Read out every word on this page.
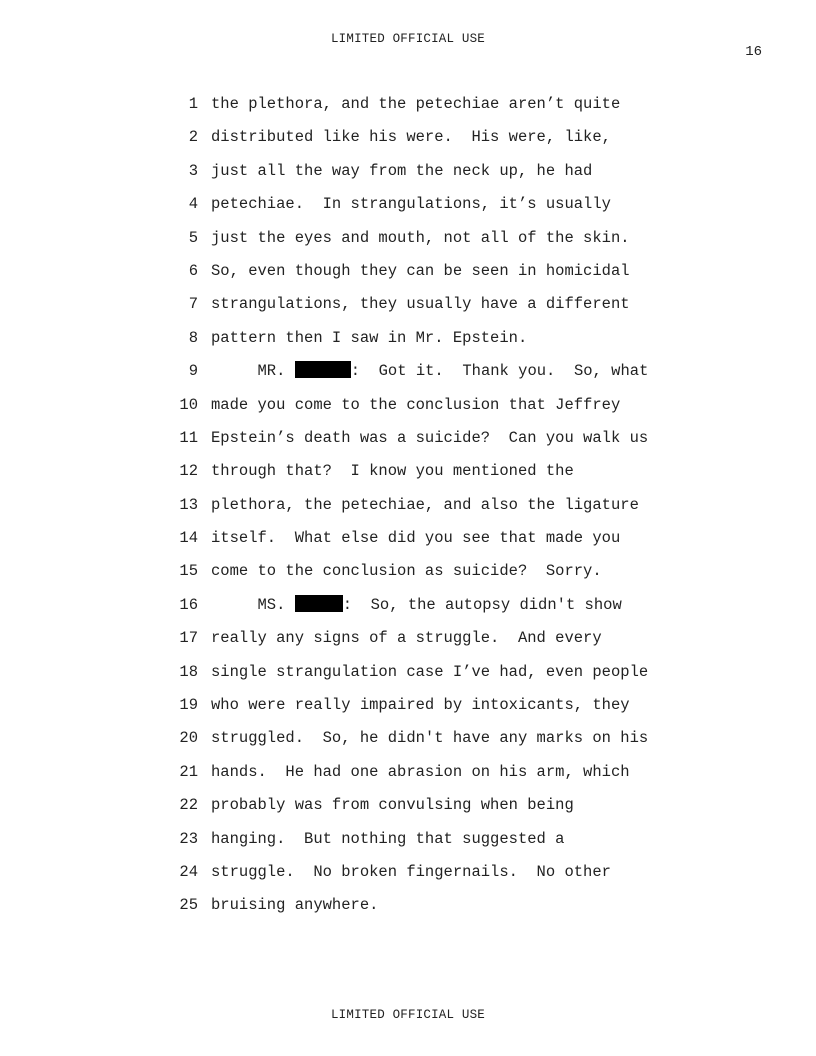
LIMITED OFFICIAL USE
16
1 the plethora, and the petechiae aren’t quite
2 distributed like his were.  His were, like,
3 just all the way from the neck up, he had
4 petechiae.  In strangulations, it’s usually
5 just the eyes and mouth, not all of the skin.
6 So, even though they can be seen in homicidal
7 strangulations, they usually have a different
8 pattern then I saw in Mr. Epstein.
9     MR.	:  Got it.  Thank you.  So, what
10 made you come to the conclusion that Jeffrey
11 Epstein’s death was a suicide?  Can you walk us
12 through that?  I know you mentioned the
13 plethora, the petechiae, and also the ligature
14 itself.  What else did you see that made you
15 come to the conclusion as suicide?  Sorry.
16     MS.	:  So, the autopsy didn't show
17 really any signs of a struggle.  And every
18 single strangulation case I’ve had, even people
19 who were really impaired by intoxicants, they
20 struggled.  So, he didn't have any marks on his
21 hands.  He had one abrasion on his arm, which
22 probably was from convulsing when being
23 hanging.  But nothing that suggested a
24 struggle.  No broken fingernails.  No other
25 bruising anywhere.
LIMITED OFFICIAL USE
